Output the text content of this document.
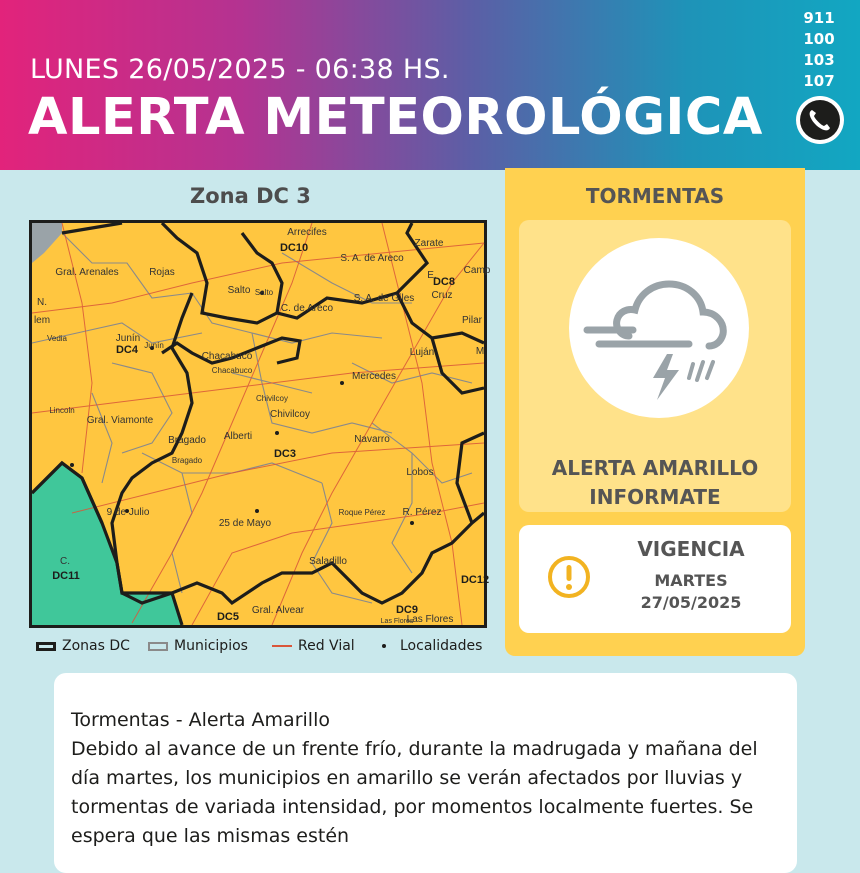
LUNES 26/05/2025 - 06:38 HS.
ALERTA METEOROLÓGICA
911
100
103
107
Zona DC 3
Arrecifes
Zarate
Camp
S. A. de Areco
Gral. Arenales	Rojas	E.
Salto Salto
C. de Areco
S. A. de Giles Cruz
Pilar
N.
lem
Junín
Junín
Vedia
Chacabuco
Chacabuco
Luján
Mercedes
Chivilcoy
Chivilcoy
Lincoln
Gral. Viamonte
Bragado
Bragado
Alberti	Navarro
Lobos
9 de Julio
25 de Mayo
Roque Pérez R. Pérez
C.	Saladillo
Gral. Alvear
Las Flores
Las Flores
M
DC10
DC8
DC4
DC3
DC11
DC5
DC9
DC12
Zonas DC	Municipios	Red Vial	Localidades
TORMENTAS
ALERTA AMARILLO
INFORMATE
VIGENCIA
MARTES
27/05/2025
Tormentas - Alerta Amarillo
Debido al avance de un frente frío, durante la madrugada y mañana del día martes, los municipios en amarillo se verán afectados por lluvias y tormentas de variada intensidad, por momentos localmente fuertes. Se espera que las mismas estén
